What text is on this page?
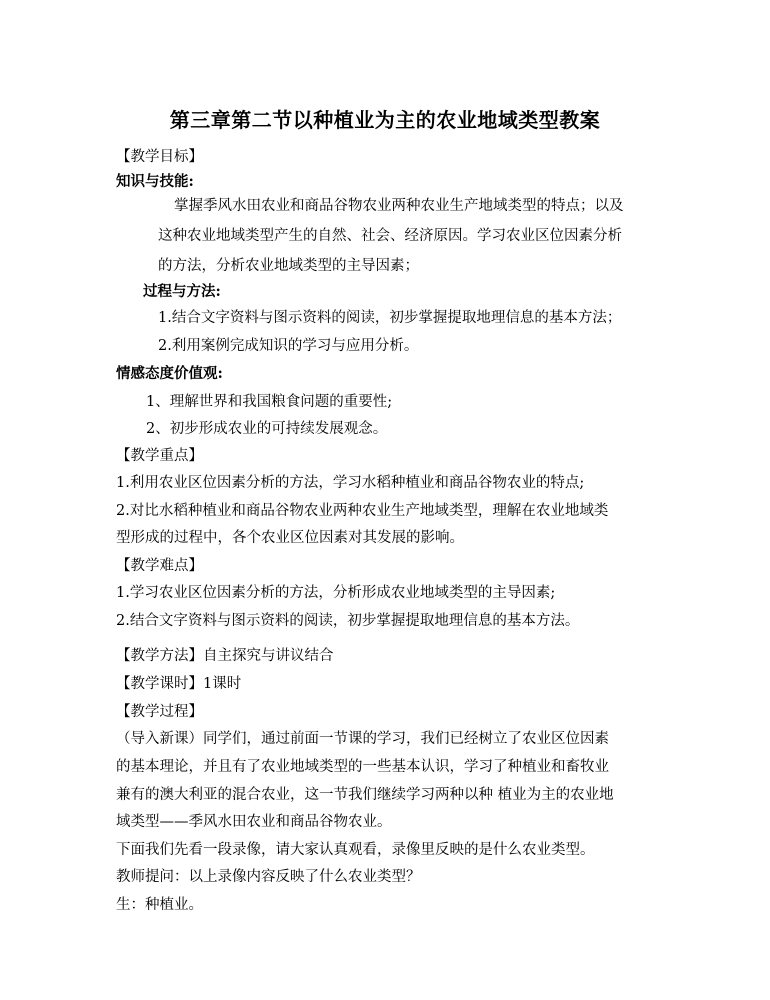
第三章第二节以种植业为主的农业地域类型教案
【教学目标】
知识与技能:
掌握季风水田农业和商品谷物农业两种农业生产地域类型的特点；以及
这种农业地域类型产生的自然、社会、经济原因。学习农业区位因素分析
的方法，分析农业地域类型的主导因素；
过程与方法:
1.结合文字资料与图示资料的阅读，初步掌握提取地理信息的基本方法；
2.利用案例完成知识的学习与应用分析。
情感态度价值观:
1、理解世界和我国粮食问题的重要性;
2、初步形成农业的可持续发展观念。
【教学重点】
1.利用农业区位因素分析的方法，学习水稻种植业和商品谷物农业的特点;
2.对比水稻种植业和商品谷物农业两种农业生产地域类型，理解在农业地域类
型形成的过程中，各个农业区位因素对其发展的影响。
【教学难点】
1.学习农业区位因素分析的方法，分析形成农业地域类型的主导因素;
2.结合文字资料与图示资料的阅读，初步掌握提取地理信息的基本方法。
【教学方法】自主探究与讲议结合
【教学课时】1课时
【教学过程】
（导入新课）同学们，通过前面一节课的学习，我们已经树立了农业区位因素
的基本理论，并且有了农业地域类型的一些基本认识，学习了种植业和畜牧业
兼有的澳大利亚的混合农业，这一节我们继续学习两种以种 植业为主的农业地
域类型——季风水田农业和商品谷物农业。
下面我们先看一段录像，请大家认真观看，录像里反映的是什么农业类型。
教师提问：以上录像内容反映了什么农业类型？
生：种植业。
